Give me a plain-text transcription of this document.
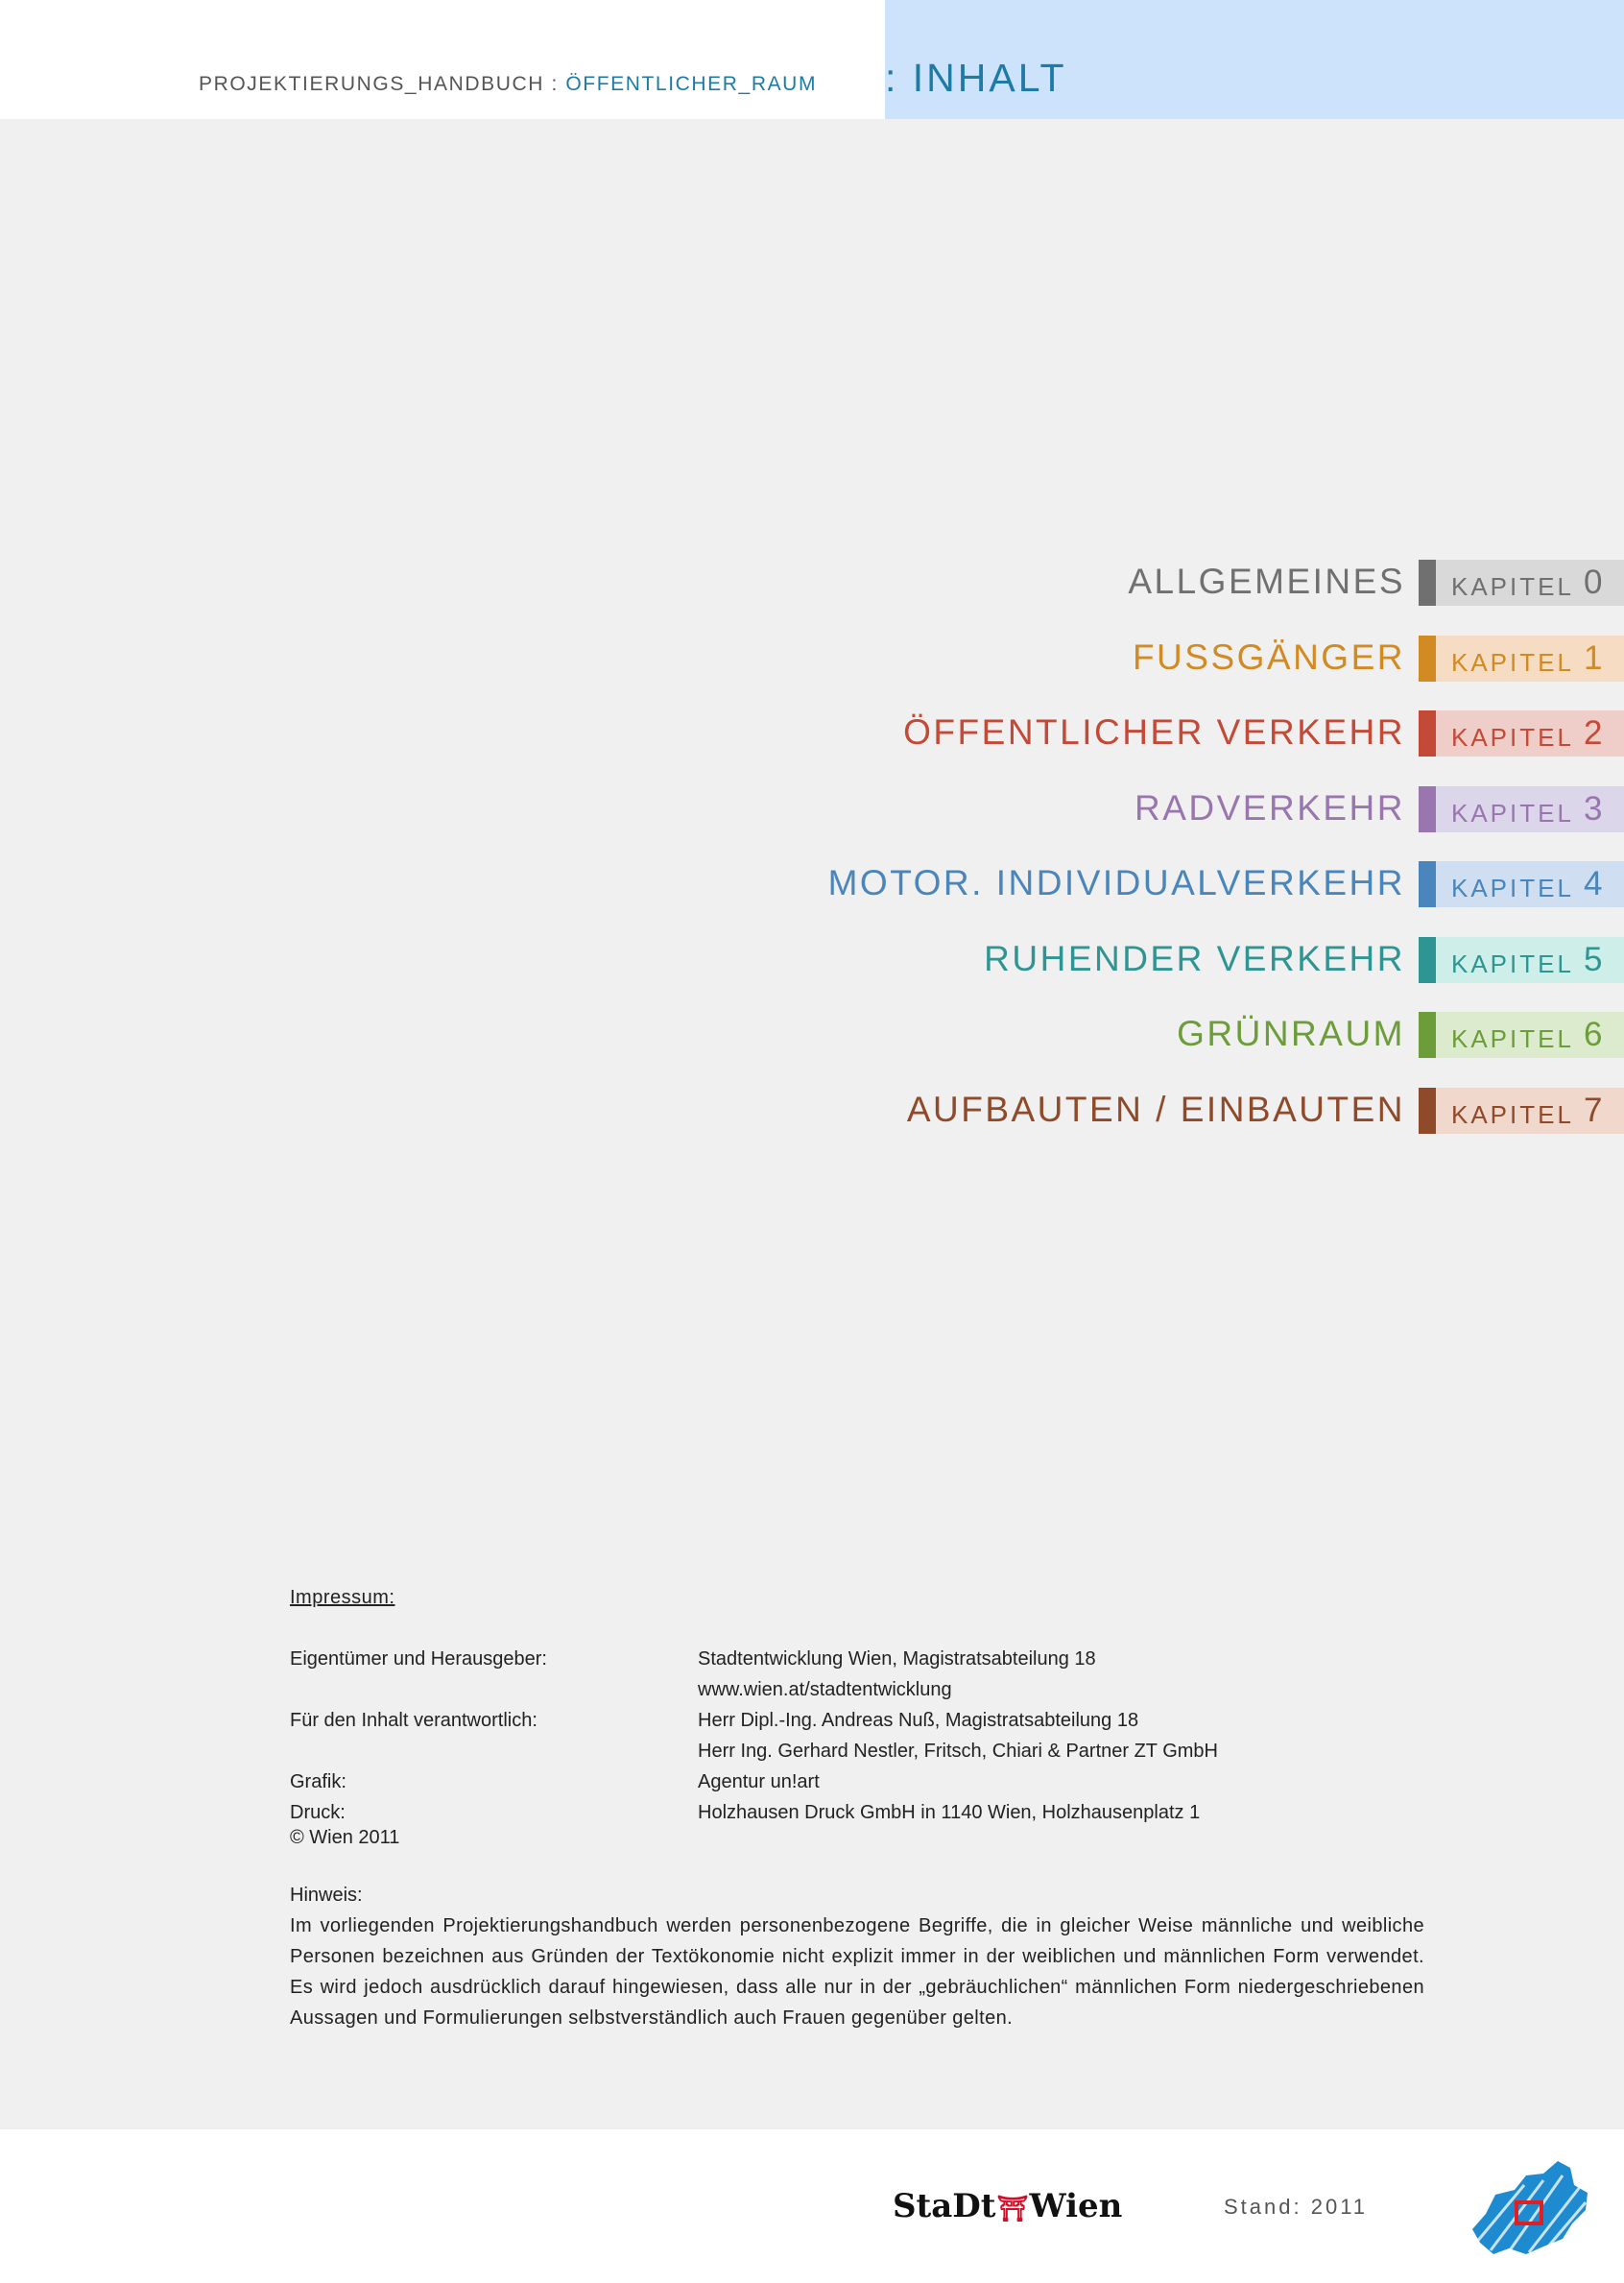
PROJEKTIERUNGS_HANDBUCH : ÖFFENTLICHER_RAUM : INHALT
ALLGEMEINES	KAPITEL 0
FUSSGÄNGER	KAPITEL 1
ÖFFENTLICHER VERKEHR	KAPITEL 2
RADVERKEHR	KAPITEL 3
MOTOR. INDIVIDUALVERKEHR	KAPITEL 4
RUHENDER VERKEHR	KAPITEL 5
GRÜNRAUM	KAPITEL 6
AUFBAUTEN / EINBAUTEN	KAPITEL 7
Impressum:
Eigentümer und Herausgeber:	Stadtentwicklung Wien, Magistratsabteilung 18
www.wien.at/stadtentwicklung
Für den Inhalt verantwortlich:	Herr Dipl.-Ing. Andreas Nuß, Magistratsabteilung 18
Herr Ing. Gerhard Nestler, Fritsch, Chiari & Partner ZT GmbH
Grafik:	Agentur un!art
Druck:	Holzhausen Druck GmbH in 1140 Wien, Holzhausenplatz 1
© Wien 2011
Hinweis:
Im vorliegenden Projektierungshandbuch werden personenbezogene Begriffe, die in gleicher Weise männliche und weibliche Personen bezeichnen aus Gründen der Textökonomie nicht explizit immer in der weiblichen und männlichen Form verwendet. Es wird jedoch ausdrücklich darauf hingewiesen, dass alle nur in der „gebräuchlichen“ männlichen Form niedergeschriebenen Aussagen und Formulierungen selbstverständlich auch Frauen gegenüber gelten.
StaDt⛩Wien	Stand: 2011
